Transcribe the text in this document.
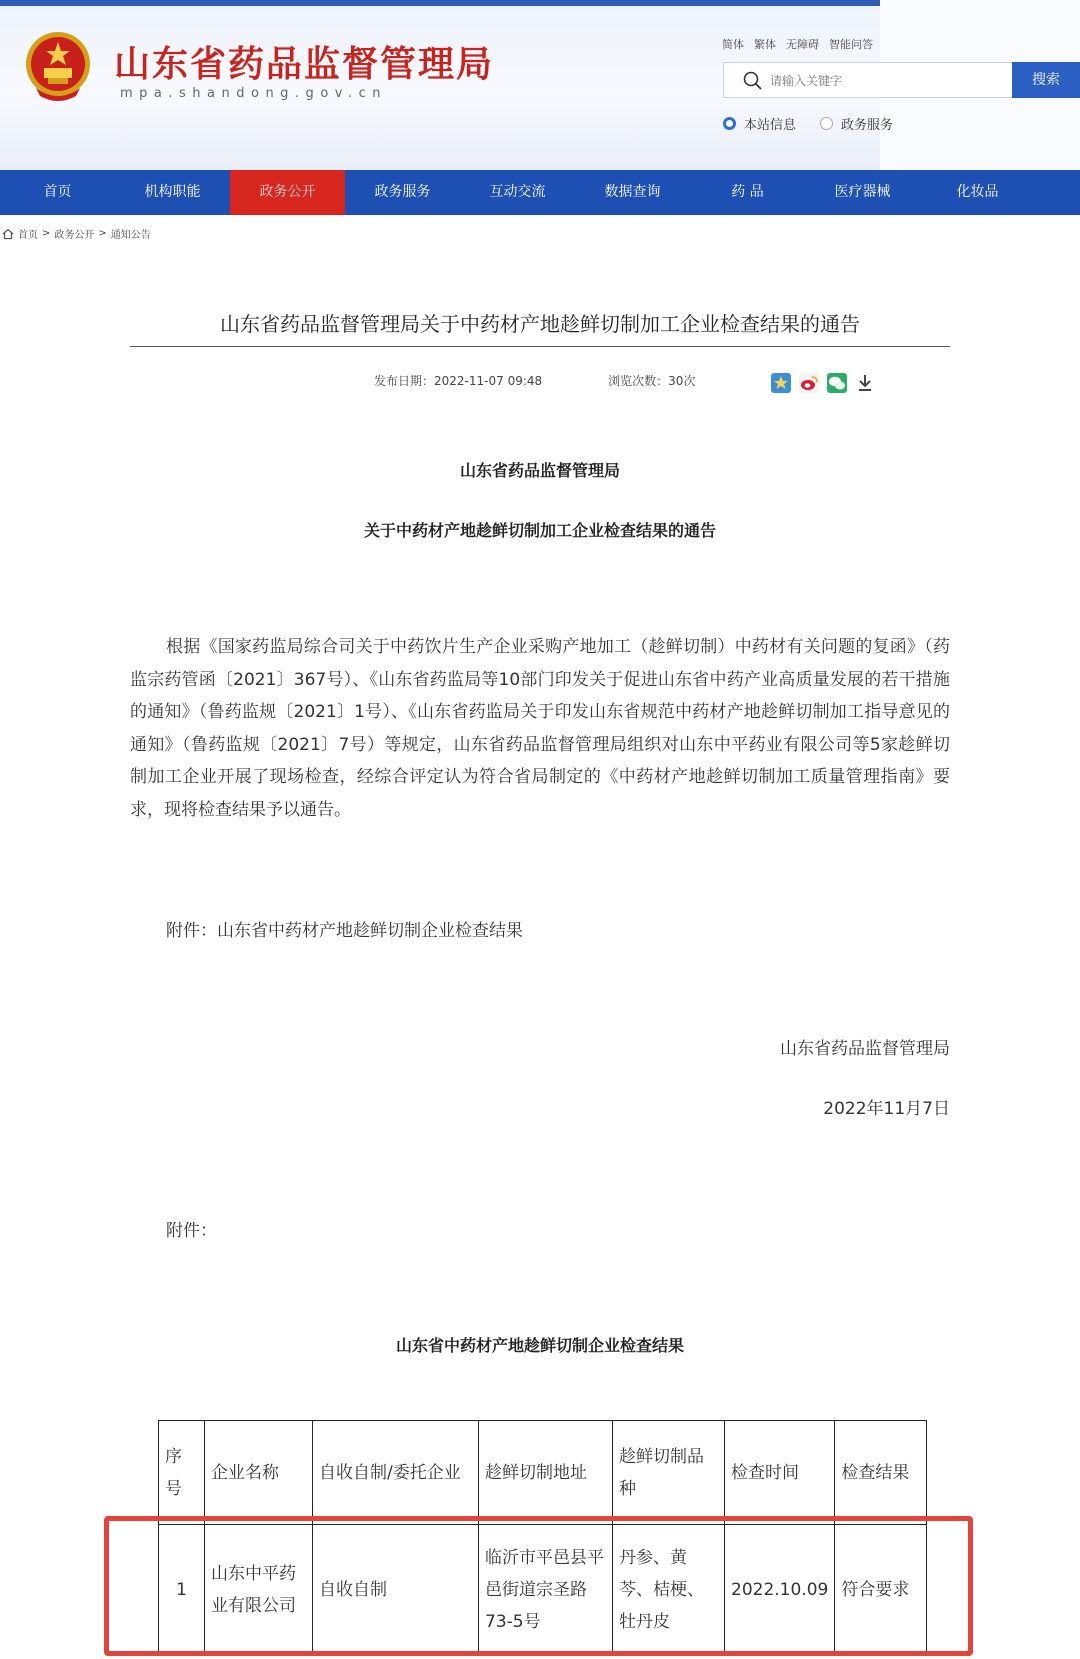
山东省药品监督管理局
mpa.shandong.gov.cn
简体 繁体 无障碍 智能问答
请输入关键字
搜索
本站信息	政务服务
首页	机构职能	政务公开	政务服务	互动交流	数据查询	药 品	医疗器械	化妆品
首页 > 政务公开 > 通知公告
山东省药品监督管理局关于中药材产地趁鲜切制加工企业检查结果的通告
发布日期：2022-11-07 09:48	浏览次数：30次
山东省药品监督管理局
关于中药材产地趁鲜切制加工企业检查结果的通告

根据《国家药监局综合司关于中药饮片生产企业采购产地加工（趁鲜切制）中药材有关问题的复函》（药监宗药管函〔2021〕367号）、《山东省药监局等10部门印发关于促进山东省中药产业高质量发展的若干措施的通知》（鲁药监规〔2021〕1号）、《山东省药监局关于印发山东省规范中药材产地趁鲜切制加工指导意见的通知》（鲁药监规〔2021〕7号）等规定，山东省药品监督管理局组织对山东中平药业有限公司等5家趁鲜切制加工企业开展了现场检查，经综合评定认为符合省局制定的《中药材产地趁鲜切制加工质量管理指南》要求，现将检查结果予以通告。

附件：山东省中药材产地趁鲜切制企业检查结果
山东省药品监督管理局
2022年11月7日
附件：
山东省中药材产地趁鲜切制企业检查结果
序号	企业名称	自收自制/委托企业	趁鲜切制地址	趁鲜切制品种	检查时间	检查结果
1	山东中平药业有限公司	自收自制	临沂市平邑县平邑街道宗圣路73-5号	丹参、黄芩、桔梗、牡丹皮	2022.10.09	符合要求
